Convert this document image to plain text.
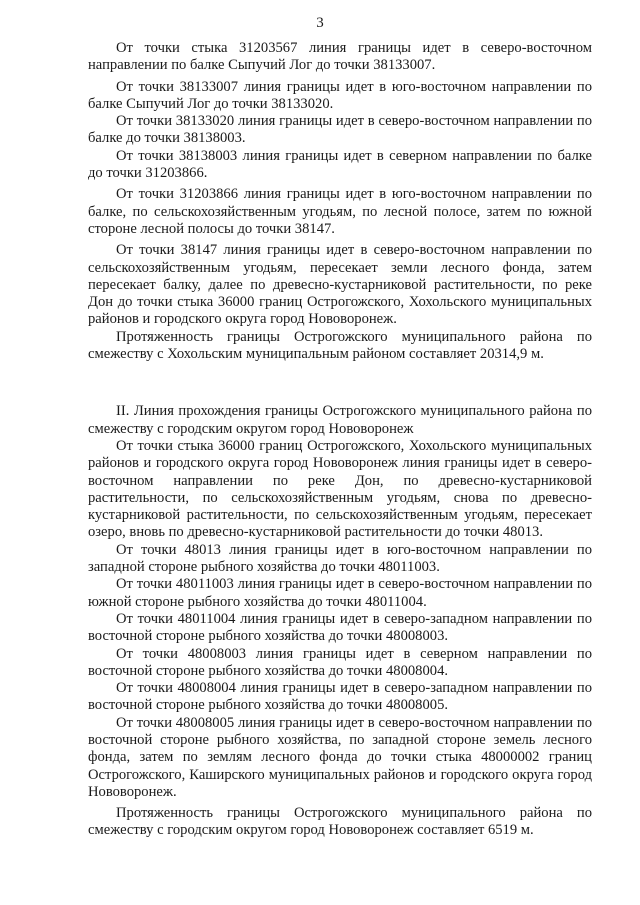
3

От точки стыка 31203567 линия границы идет в северо-восточном направлении по балке Сыпучий Лог до точки 38133007.

От точки 38133007 линия границы идет в юго-восточном направлении по балке Сыпучий Лог до точки 38133020.

От точки 38133020 линия границы идет в северо-восточном направлении по балке до точки 38138003.

От точки 38138003 линия границы идет в северном направлении по балке до точки 31203866.

От точки 31203866 линия границы идет в юго-восточном направлении по балке, по сельскохозяйственным угодьям, по лесной полосе, затем по южной стороне лесной полосы до точки 38147.

От точки 38147 линия границы идет в северо-восточном направлении по сельскохозяйственным угодьям, пересекает земли лесного фонда, затем пересекает балку, далее по древесно-кустарниковой растительности, по реке Дон до точки стыка 36000 границ Острогожского, Хохольского муниципальных районов и городского округа город Нововоронеж.

Протяженность границы Острогожского муниципального района по смежеству с Хохольским муниципальным районом составляет 20314,9 м.

II. Линия прохождения границы Острогожского муниципального района по смежеству с городским округом город Нововоронеж

От точки стыка 36000 границ Острогожского, Хохольского муниципальных районов и городского округа город Нововоронеж линия границы идет в северо-восточном направлении по реке Дон, по древесно-кустарниковой растительности, по сельскохозяйственным угодьям, снова по древесно-кустарниковой растительности, по сельскохозяйственным угодьям, пересекает озеро, вновь по древесно-кустарниковой растительности до точки 48013.

От точки 48013 линия границы идет в юго-восточном направлении по западной стороне рыбного хозяйства до точки 48011003.

От точки 48011003 линия границы идет в северо-восточном направлении по южной стороне рыбного хозяйства до точки 48011004.

От точки 48011004 линия границы идет в северо-западном направлении по восточной стороне рыбного хозяйства до точки 48008003.

От точки 48008003 линия границы идет в северном направлении по восточной стороне рыбного хозяйства до точки 48008004.

От точки 48008004 линия границы идет в северо-западном направлении по восточной стороне рыбного хозяйства до точки 48008005.

От точки 48008005 линия границы идет в северо-восточном направлении по восточной стороне рыбного хозяйства, по западной стороне земель лесного фонда, затем по землям лесного фонда до точки стыка 48000002 границ Острогожского, Каширского муниципальных районов и городского округа город Нововоронеж.

Протяженность границы Острогожского муниципального района по смежеству с городским округом город Нововоронеж составляет 6519 м.
